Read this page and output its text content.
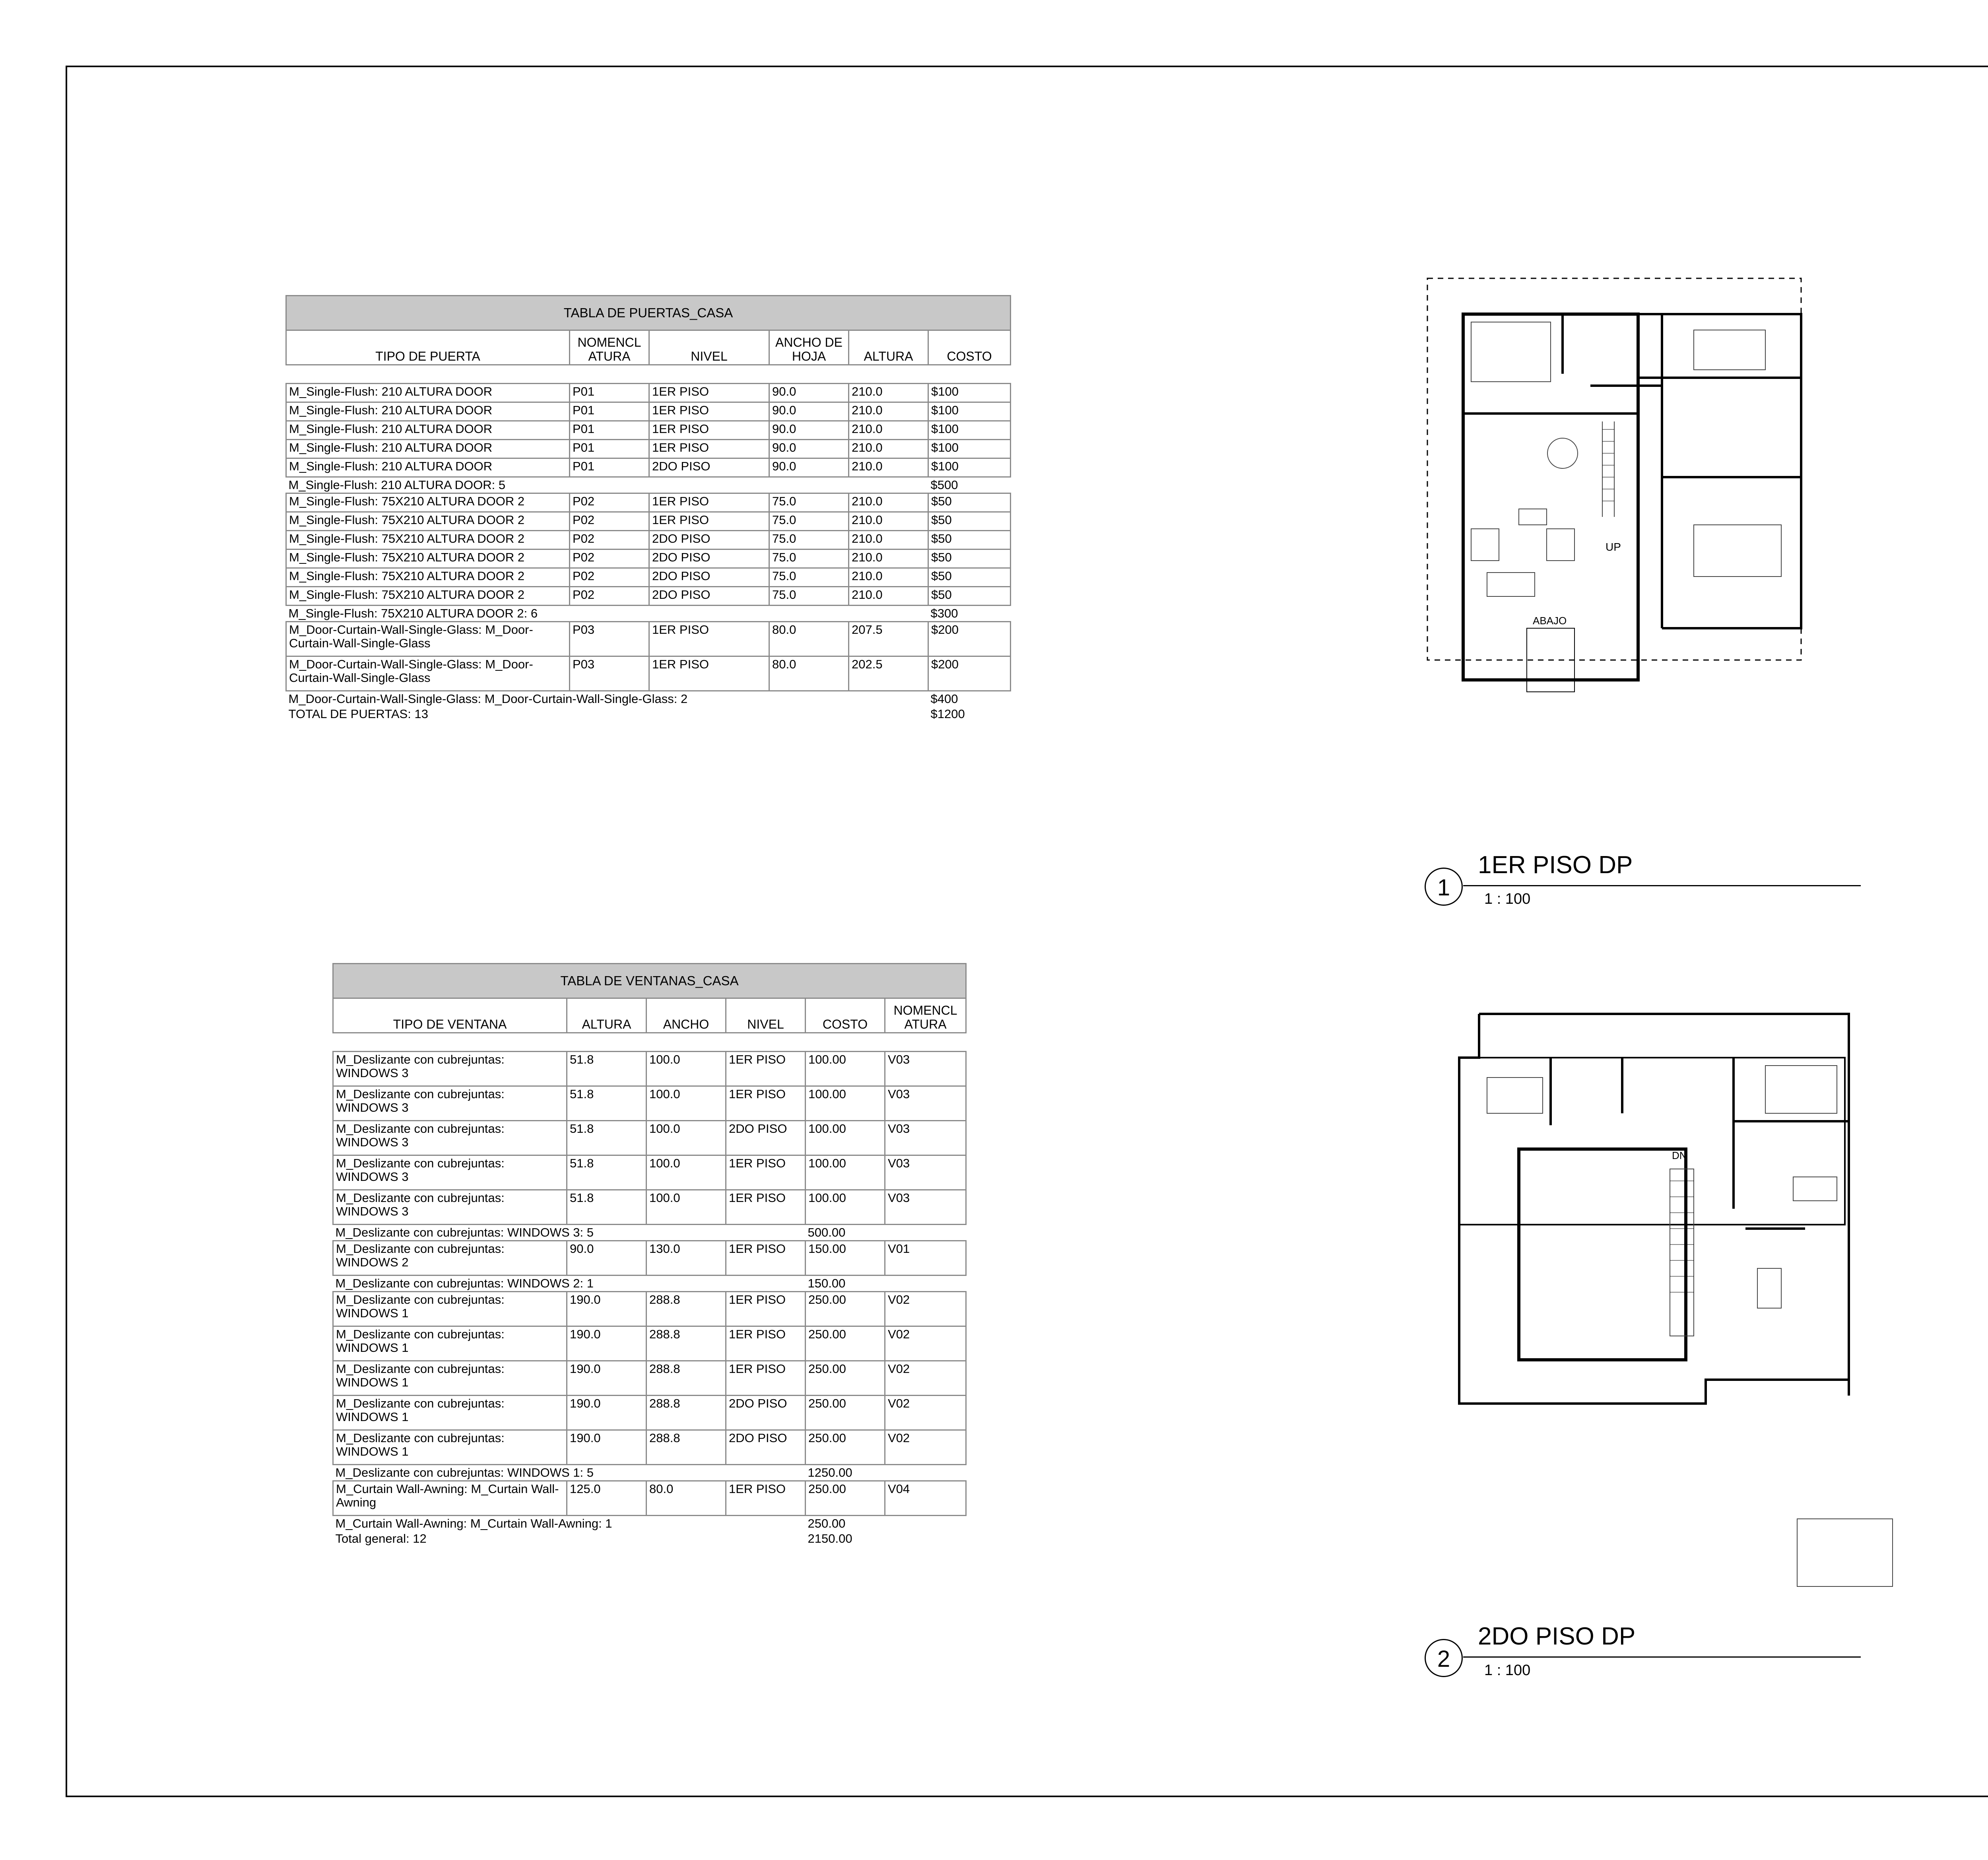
TABLA DE PUERTAS_CASA					
TIPO DE PUERTA	NOMENCL ATURA	NIVEL	ANCHO DE HOJA	ALTURA	COSTO

M_Single-Flush: 210 ALTURA DOOR	P01	1ER PISO	90.0	210.0	$100
M_Single-Flush: 210 ALTURA DOOR	P01	1ER PISO	90.0	210.0	$100
M_Single-Flush: 210 ALTURA DOOR	P01	1ER PISO	90.0	210.0	$100
M_Single-Flush: 210 ALTURA DOOR	P01	1ER PISO	90.0	210.0	$100
M_Single-Flush: 210 ALTURA DOOR	P01	2DO PISO	90.0	210.0	$100
M_Single-Flush: 210 ALTURA DOOR: 5					$500
M_Single-Flush: 75X210 ALTURA DOOR 2	P02	1ER PISO	75.0	210.0	$50
M_Single-Flush: 75X210 ALTURA DOOR 2	P02	1ER PISO	75.0	210.0	$50
M_Single-Flush: 75X210 ALTURA DOOR 2	P02	2DO PISO	75.0	210.0	$50
M_Single-Flush: 75X210 ALTURA DOOR 2	P02	2DO PISO	75.0	210.0	$50
M_Single-Flush: 75X210 ALTURA DOOR 2	P02	2DO PISO	75.0	210.0	$50
M_Single-Flush: 75X210 ALTURA DOOR 2	P02	2DO PISO	75.0	210.0	$50
M_Single-Flush: 75X210 ALTURA DOOR 2: 6					$300
M_Door-Curtain-Wall-Single-Glass: M_Door-Curtain-Wall-Single-Glass	P03	1ER PISO	80.0	207.5	$200
M_Door-Curtain-Wall-Single-Glass: M_Door-Curtain-Wall-Single-Glass	P03	1ER PISO	80.0	202.5	$200
M_Door-Curtain-Wall-Single-Glass: M_Door-Curtain-Wall-Single-Glass: 2					$400
TOTAL DE PUERTAS: 13					$1200
TABLA DE VENTANAS_CASA					
TIPO DE VENTANA	ALTURA	ANCHO	NIVEL	COSTO	NOMENCL ATURA

M_Deslizante con cubrejuntas: WINDOWS 3	51.8	100.0	1ER PISO	100.00	V03
M_Deslizante con cubrejuntas: WINDOWS 3	51.8	100.0	1ER PISO	100.00	V03
M_Deslizante con cubrejuntas: WINDOWS 3	51.8	100.0	2DO PISO	100.00	V03
M_Deslizante con cubrejuntas: WINDOWS 3	51.8	100.0	1ER PISO	100.00	V03
M_Deslizante con cubrejuntas: WINDOWS 3	51.8	100.0	1ER PISO	100.00	V03
M_Deslizante con cubrejuntas: WINDOWS 3: 5				500.00	
M_Deslizante con cubrejuntas: WINDOWS 2	90.0	130.0	1ER PISO	150.00	V01
M_Deslizante con cubrejuntas: WINDOWS 2: 1				150.00	
M_Deslizante con cubrejuntas: WINDOWS 1	190.0	288.8	1ER PISO	250.00	V02
M_Deslizante con cubrejuntas: WINDOWS 1	190.0	288.8	1ER PISO	250.00	V02
M_Deslizante con cubrejuntas: WINDOWS 1	190.0	288.8	1ER PISO	250.00	V02
M_Deslizante con cubrejuntas: WINDOWS 1	190.0	288.8	2DO PISO	250.00	V02
M_Deslizante con cubrejuntas: WINDOWS 1	190.0	288.8	2DO PISO	250.00	V02
M_Deslizante con cubrejuntas: WINDOWS 1: 5				1250.00	
M_Curtain Wall-Awning: M_Curtain Wall-Awning	125.0	80.0	1ER PISO	250.00	V04
M_Curtain Wall-Awning: M_Curtain Wall-Awning: 1				250.00	
Total general: 12				2150.00	
UP
ABAJO
1
1ER PISO DP
1 : 100
DN
2
2DO PISO DP
1 : 100
